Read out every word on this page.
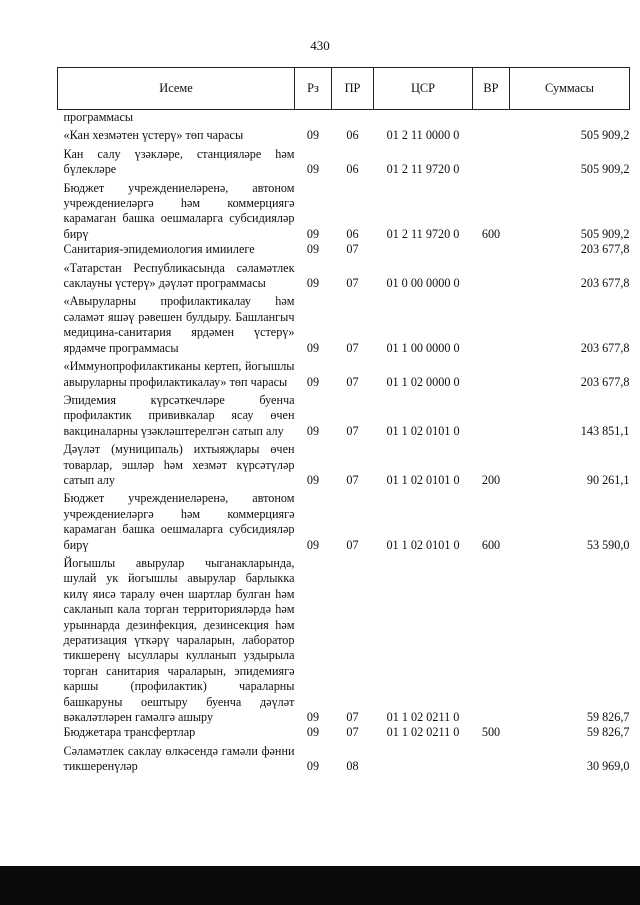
430
Исеме	Рз	ПР	ЦСР	ВР	Суммасы
программасы					
«Кан хезмәтен үстерү» төп чарасы	09	06	01 2 11 0000 0		505 909,2
Кан салу үзәкләре, станцияләре һәм бүлекләре	09	06	01 2 11 9720 0		505 909,2
Бюджет учреждениеләренә, автоном учреждениеләргә һәм коммерциягә карамаган башка оешмаларга субсидияләр бирү	09	06	01 2 11 9720 0	600	505 909,2
Санитария-эпидемиология имиилеге	09	07			203 677,8
«Татарстан Республикасында сәламәтлек саклауны үстерү» дәүләт программасы	09	07	01 0 00 0000 0		203 677,8
«Авыруларны профилактикалау һәм сәламәт яшәү рәвешен булдыру. Башлангыч медицина-санитария ярдәмен үстерү» ярдәмче программасы	09	07	01 1 00 0000 0		203 677,8
«Иммунопрофилактиканы кертеп, йогышлы авыруларны профилактикалау» төп чарасы	09	07	01 1 02 0000 0		203 677,8
Эпидемия күрсәткечләре буенча профилактик прививкалар ясау өчен вакциналарны үзәкләштерелгән сатып алу	09	07	01 1 02 0101 0		143 851,1
Дәүләт (муниципаль) ихтыяҗлары өчен товарлар, эшләр һәм хезмәт күрсәтүләр сатып алу	09	07	01 1 02 0101 0	200	90 261,1
Бюджет учреждениеләренә, автоном учреждениеләргә һәм коммерциягә карамаган башка оешмаларга субсидияләр бирү	09	07	01 1 02 0101 0	600	53 590,0
Йогышлы авырулар чыганакларында, шулай ук йогышлы авырулар барлыкка килү яисә таралу өчен шартлар булган һәм сакланып кала торган территорияләрдә һәм урыннарда дезинфекция, дезинсекция һәм дератизация үткәрү чараларын, лаборатор тикшеренү ысуллары кулланып уздырыла торган санитария чараларын, эпидемиягә каршы (профилактик) чараларны башкаруны оештыру буенча дәүләт вәкаләтләрен гамәлгә ашыру	09	07	01 1 02 0211 0		59 826,7
Бюджетара трансфертлар	09	07	01 1 02 0211 0	500	59 826,7
Сәламәтлек саклау өлкәсендә гамәли фәнни тикшеренүләр	09	08			30 969,0
